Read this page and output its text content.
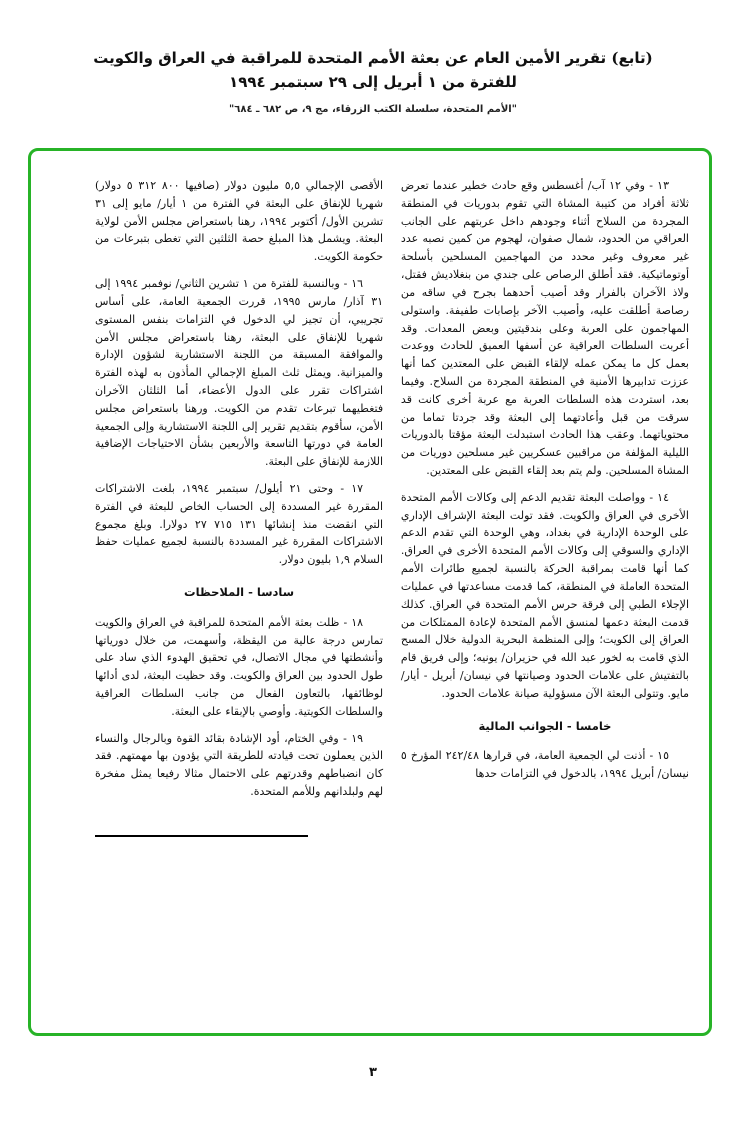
(تابع) تقرير الأمين العام عن بعثة الأمم المتحدة للمراقبة في العراق والكويت
للفترة من ١ أبريل إلى ٢٩ سبتمبر ١٩٩٤
"الأمم المتحدة، سلسلة الكتب الزرقاء، مج ٩، ص ٦٨٢ ـ ٦٨٤"

١٣ - وفي ١٢ آب/ أغسطس وقع حادث خطير عندما تعرض ثلاثة أفراد من كتيبة المشاة التي تقوم بدوريات في المنطقة المجردة من السلاح أثناء وجودهم داخل عربتهم على الجانب العراقي من الحدود، شمال صفوان، لهجوم من كمين نصبه عدد غير معروف وغير محدد من المهاجمين المسلحين بأسلحة أوتوماتيكية. فقد أطلق الرصاص على جندي من بنغلاديش فقتل، ولاذ الآخران بالفرار وقد أصيب أحدهما بجرح في ساقه من رصاصة أطلقت عليه، وأصيب الآخر بإصابات طفيفة. واستولى المهاجمون على العربة وعلى بندقيتين وبعض المعدات. وقد أعربت السلطات العراقية عن أسفها العميق للحادث ووعدت بعمل كل ما يمكن عمله لإلقاء القبض على المعتدين كما أنها عززت تدابيرها الأمنية في المنطقة المجردة من السلاح. وفيما بعد، استردت هذه السلطات العربة مع عربة أخرى كانت قد سرقت من قبل وأعادتهما إلى البعثة وقد جردتا تماما من محتوياتهما. وعقب هذا الحادث استبدلت البعثة مؤقتا بالدوريات الليلية المؤلفة من مراقبين عسكريين غير مسلحين دوريات من المشاة المسلحين. ولم يتم بعد إلقاء القبض على المعتدين.

١٤ - وواصلت البعثة تقديم الدعم إلى وكالات الأمم المتحدة الأخرى في العراق والكويت. فقد تولت البعثة الإشراف الإداري على الوحدة الإدارية في بغداد، وهي الوحدة التي تقدم الدعم الإداري والسوقي إلى وكالات الأمم المتحدة الأخرى في العراق. كما أنها قامت بمراقبة الحركة بالنسبة لجميع طائرات الأمم المتحدة العاملة في المنطقة، كما قدمت مساعدتها في عمليات الإجلاء الطبي إلى فرقة حرس الأمم المتحدة في العراق. كذلك قدمت البعثة دعمها لمنسق الأمم المتحدة لإعادة الممتلكات من العراق إلى الكويت؛ وإلى المنظمة البحرية الدولية خلال المسح الذي قامت به لخور عبد الله في حزيران/ يونيه؛ وإلى فريق قام بالتفتيش على علامات الحدود وصيانتها في نيسان/ أبريل - أيار/ مايو. وتتولى البعثة الآن مسؤولية صيانة علامات الحدود.

خامسا - الجوانب المالية

١٥ - أذنت لي الجمعية العامة، في قرارها ٢٤٢/٤٨ المؤرخ ٥ نيسان/ أبريل ١٩٩٤، بالدخول في التزامات حدها

الأقصى الإجمالي ٥,٥ مليون دولار (صافيها ٨٠٠ ٣١٢ ٥ دولار) شهريا للإنفاق على البعثة في الفترة من ١ أيار/ مايو إلى ٣١ تشرين الأول/ أكتوبر ١٩٩٤، رهنا باستعراض مجلس الأمن لولاية البعثة. ويشمل هذا المبلغ حصة الثلثين التي تغطى بتبرعات من حكومة الكويت.

١٦ - وبالنسبة للفترة من ١ تشرين الثاني/ نوفمبر ١٩٩٤ إلى ٣١ آذار/ مارس ١٩٩٥، قررت الجمعية العامة، على أساس تجريبي، أن تجيز لي الدخول في التزامات بنفس المستوى شهريا للإنفاق على البعثة، رهنا باستعراض مجلس الأمن والموافقة المسبقة من اللجنة الاستشارية لشؤون الإدارة والميزانية. ويمثل ثلث المبلغ الإجمالي المأذون به لهذه الفترة اشتراكات تقرر على الدول الأعضاء، أما الثلثان الآخران فتغطيهما تبرعات تقدم من الكويت. ورهنا باستعراض مجلس الأمن، سأقوم بتقديم تقرير إلى اللجنة الاستشارية وإلى الجمعية العامة في دورتها التاسعة والأربعين بشأن الاحتياجات الإضافية اللازمة للإنفاق على البعثة.

١٧ - وحتى ٢١ أيلول/ سبتمبر ١٩٩٤، بلغت الاشتراكات المقررة غير المسددة إلى الحساب الخاص للبعثة في الفترة التي انقضت منذ إنشائها ١٣١ ٧١٥ ٢٧ دولارا. وبلغ مجموع الاشتراكات المقررة غير المسددة بالنسبة لجميع عمليات حفظ السلام ١,٩ بليون دولار.

سادسا - الملاحظات

١٨ - ظلت بعثة الأمم المتحدة للمراقبة في العراق والكويت تمارس درجة عالية من اليقظة، وأسهمت، من خلال دورياتها وأنشطتها في مجال الاتصال، في تحقيق الهدوء الذي ساد على طول الحدود بين العراق والكويت. وقد حظيت البعثة، لدى أدائها لوظائفها، بالتعاون الفعال من جانب السلطات العراقية والسلطات الكويتية. وأوصي بالإبقاء على البعثة.

١٩ - وفي الختام، أود الإشادة بقائد القوة وبالرجال والنساء الذين يعملون تحت قيادته للطريقة التي يؤدون بها مهمتهم. فقد كان انضباطهم وقدرتهم على الاحتمال مثالا رفيعا يمثل مفخرة لهم ولبلدانهم وللأمم المتحدة.

٣
